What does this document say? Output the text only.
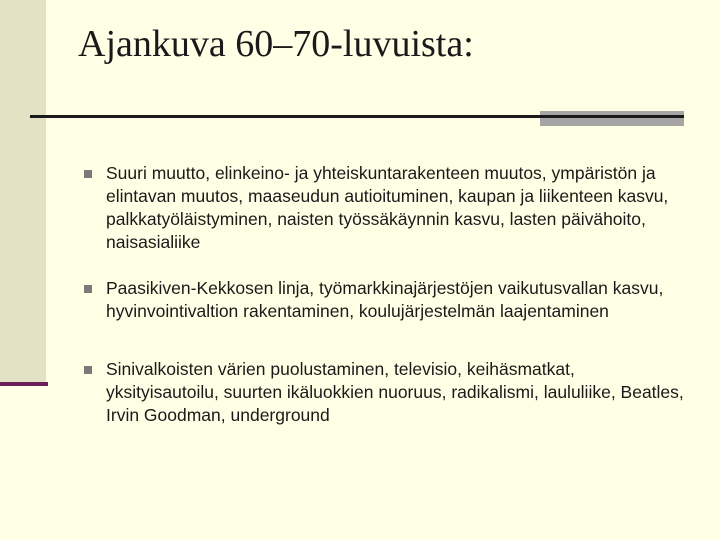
Ajankuva 60–70-luvuista:
Suuri muutto, elinkeino- ja yhteiskuntarakenteen muutos, ympäristön ja elintavan muutos, maaseudun autioituminen, kaupan ja liikenteen kasvu, palkkatyöläistyminen, naisten työssäkäynnin kasvu, lasten päivähoito, naisasialiike
Paasikiven-Kekkosen linja, työmarkkinajärjestöjen vaikutusvallan kasvu, hyvinvointivaltion rakentaminen, koulujärjestelmän laajentaminen
Sinivalkoisten värien puolustaminen, televisio, keihäsmatkat, yksityisautoilu, suurten ikäluokkien nuoruus, radikalismi, laululiike, Beatles, Irvin Goodman, underground
